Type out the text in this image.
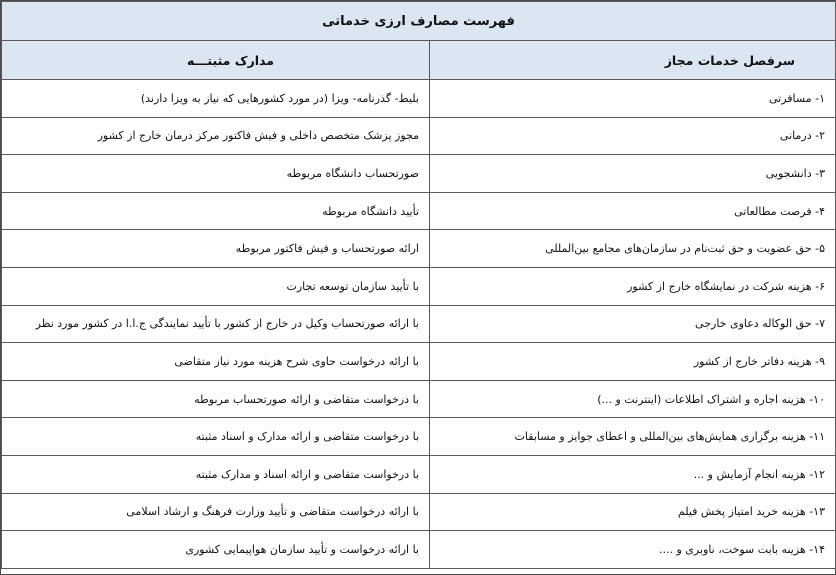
فهرست مصارف ارزی خدماتی	
سرفصل خدمات مجاز	مدارک مثبتـــه
۱- مسافرتی	بلیط- گذرنامه- ویزا (در مورد کشورهایی که نیاز به ویزا دارند)
۲- درمانی	مجوز پزشک متخصص داخلی و فیش فاکتور مرکز درمان خارج از کشور
۳- دانشجویی	صورتحساب دانشگاه مربوطه
۴- فرصت مطالعاتی	تأیید دانشگاه مربوطه
۵- حق عضویت و حق ثبت‌نام در سازمان‌های مجامع بین‌المللی	ارائه صورتحساب و فیش فاکتور مربوطه
۶- هزینه شرکت در نمایشگاه خارج از کشور	با تأیید سازمان توسعه تجارت
۷- حق الوکاله دعاوی خارجی	با ارائه صورتحساب وکیل در خارج از کشور با تأیید نمایندگی ج.ا.ا در کشور مورد نظر
۹- هزینه دفاتر خارج از کشور	با ارائه درخواست حاوی شرح هزینه مورد نیاز متقاضی
۱۰- هزینه اجاره و اشتراک اطلاعات (اینترنت و ...)	با درخواست متقاضی و ارائه صورتحساب مربوطه
۱۱- هزینه برگزاری همایش‌های بین‌المللی و اعطای جوایز و مسابقات	با درخواست متقاضی و ارائه مدارک و اسناد مثبته
۱۲- هزینه انجام آزمایش و ...	با درخواست متقاضی و ارائه اسناد و مدارک مثبته
۱۳- هزینه خرید امتیاز پخش فیلم	با ارائه درخواست متقاضی و تأیید وزارت فرهنگ و ارشاد اسلامی
۱۴- هزینه بابت سوخت، ناوبری و ....	با ارائه درخواست و تأیید سازمان هواپیمایی کشوری
